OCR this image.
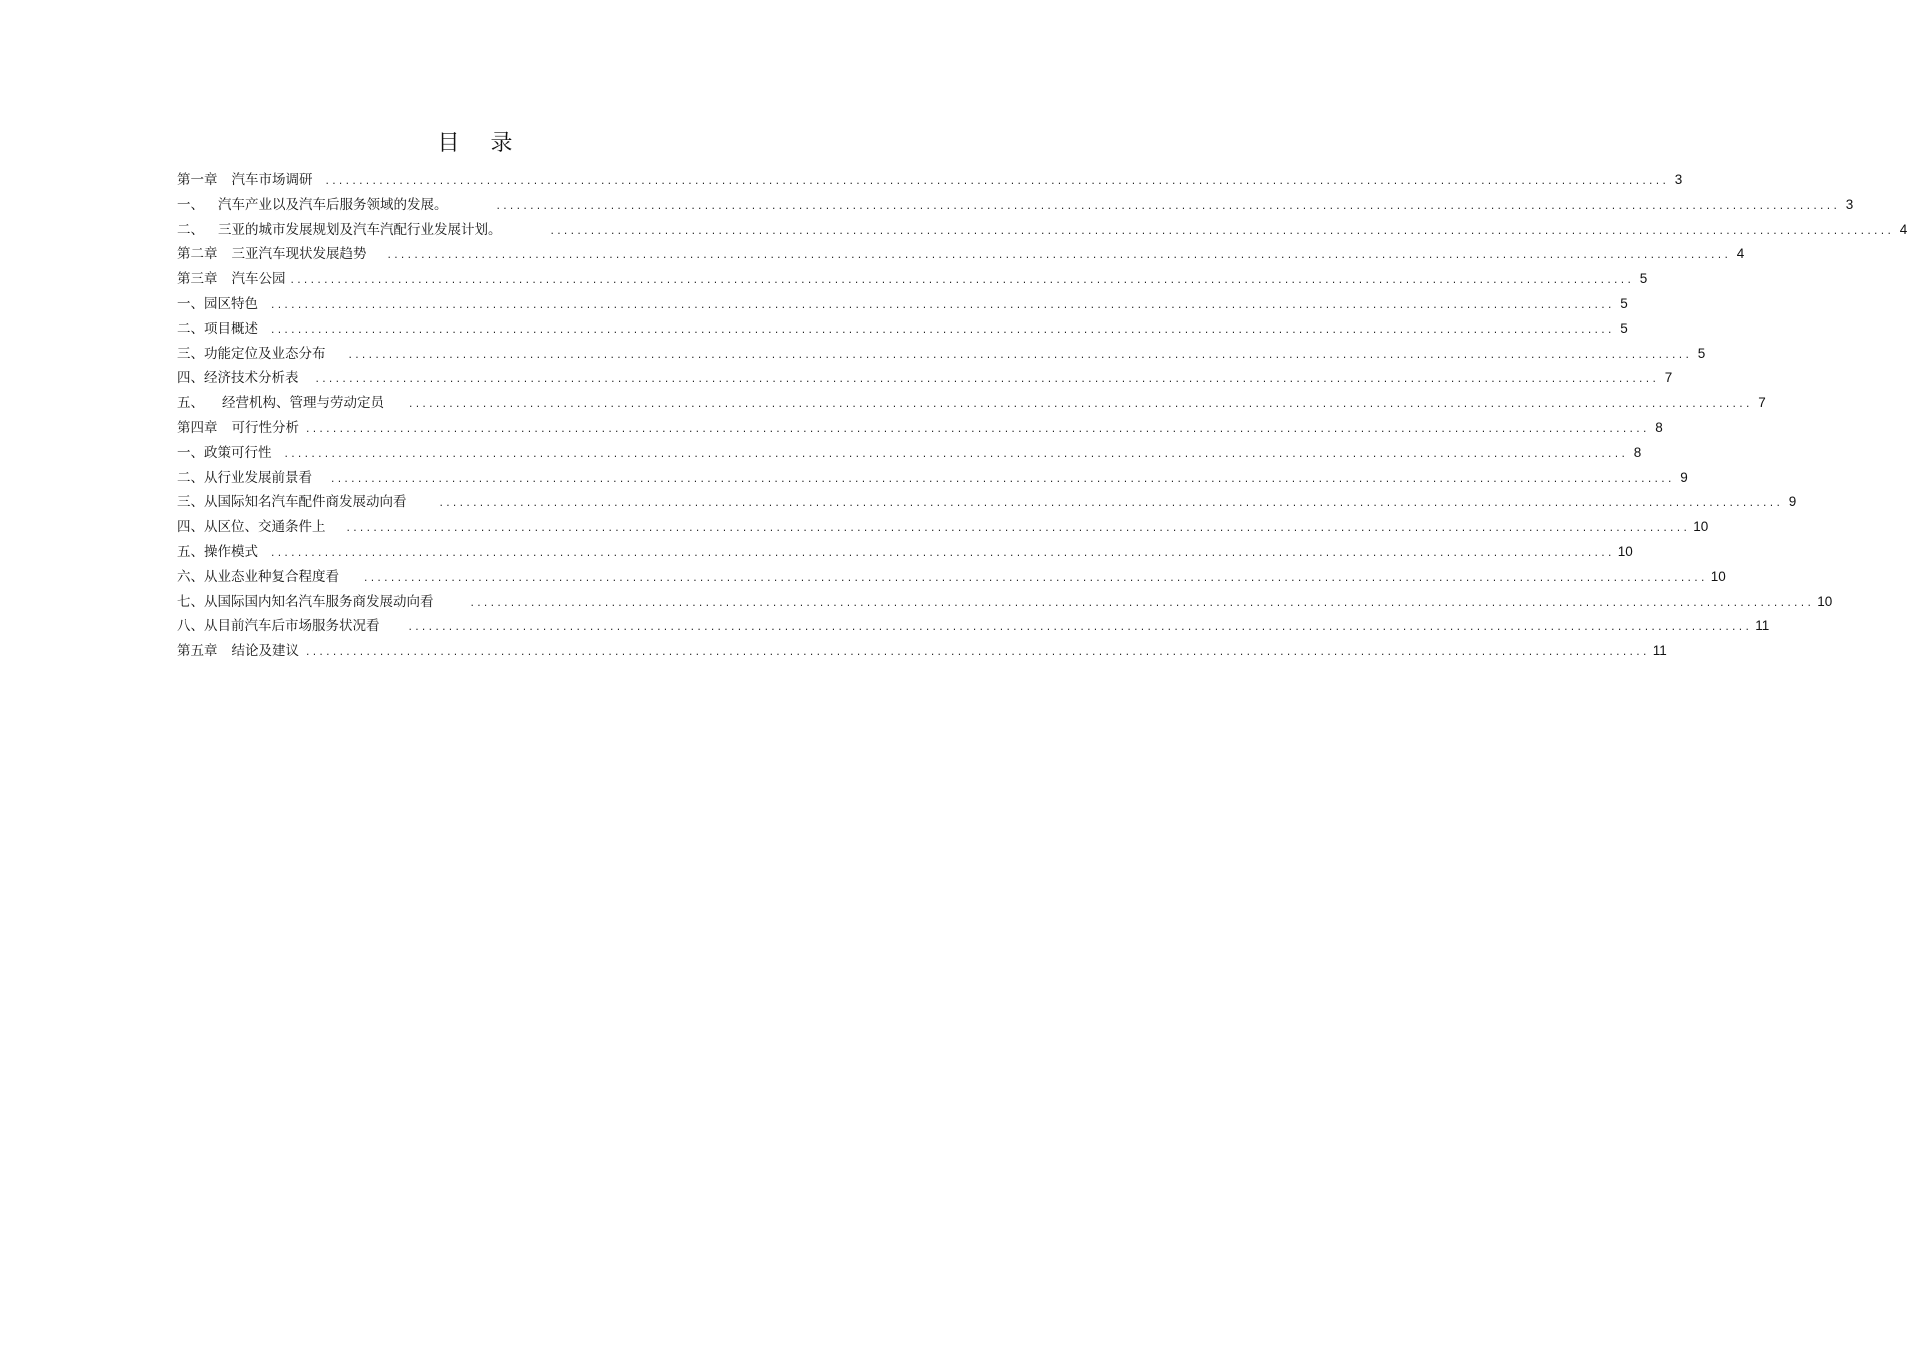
目 录
第一章 汽车市场调研 ........................................................................................................................................................................................................ 3
一、 汽车产业以及汽车后服务领域的发展。	........................................................................................................................................................................................................ 3
二、 三亚的城市发展规划及汽车汽配行业发展计划。	........................................................................................................................................................................................................ 4
第二章 三亚汽车现状发展趋势 ........................................................................................................................................................................................................ 4
第三章 汽车公园 ........................................................................................................................................................................................................ 5
一、园区特色 ........................................................................................................................................................................................................ 5
二、项目概述 ........................................................................................................................................................................................................ 5
三、功能定位及业态分布 ........................................................................................................................................................................................................ 5
四、经济技术分析表 ........................................................................................................................................................................................................ 7
五、 经营机构、管理与劳动定员	........................................................................................................................................................................................................ 7
第四章 可行性分析 ........................................................................................................................................................................................................ 8
一、政策可行性 ........................................................................................................................................................................................................ 8
二、从行业发展前景看 ........................................................................................................................................................................................................ 9
三、从国际知名汽车配件商发展动向看	........................................................................................................................................................................................................ 9
四、从区位、交通条件上 ........................................................................................................................................................................................................ 10
五、操作模式 ........................................................................................................................................................................................................ 10
六、从业态业种复合程度看	........................................................................................................................................................................................................ 10
七、从国际国内知名汽车服务商发展动向看	........................................................................................................................................................................................................ 10
八、从目前汽车后市场服务状况看	........................................................................................................................................................................................................ 11
第五章 结论及建议 ........................................................................................................................................................................................................ 11
